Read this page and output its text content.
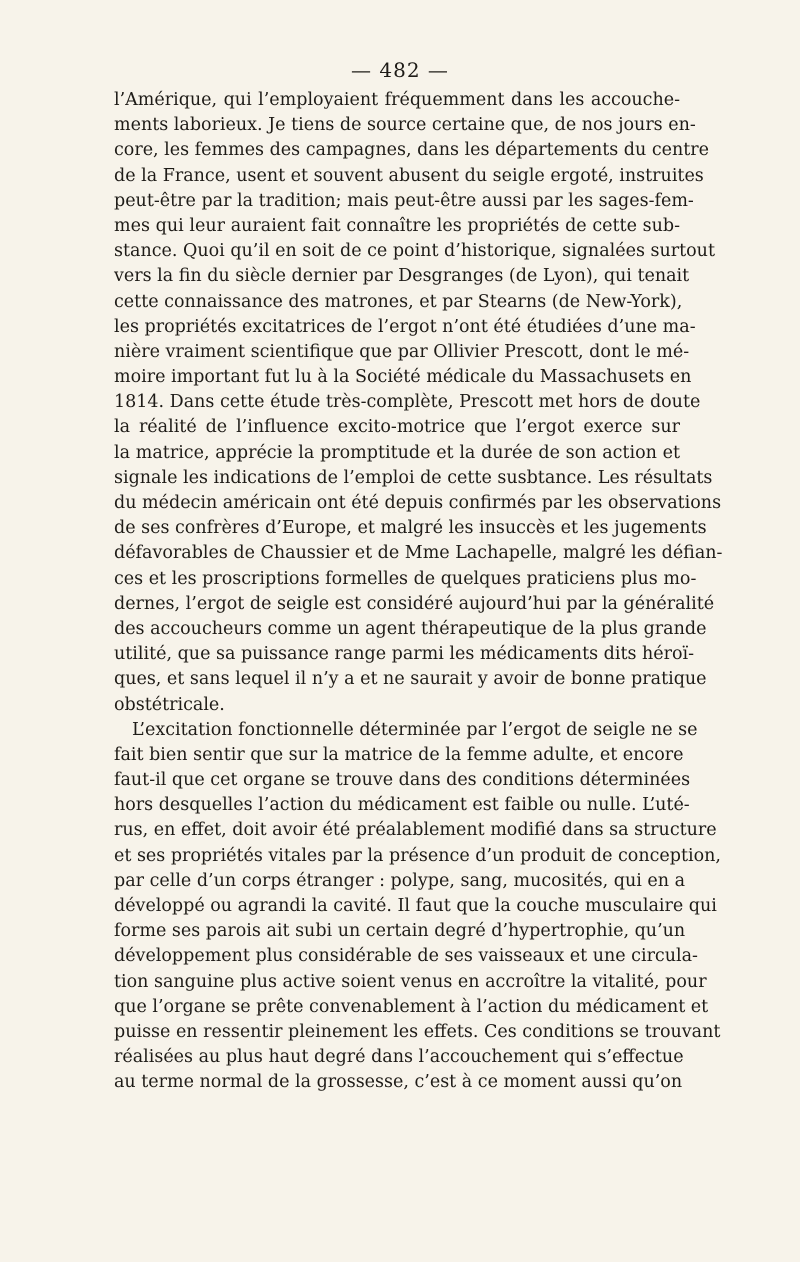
— 482 —
l’Amérique, qui l’employaient fréquemment dans les accouche-
ments laborieux. Je tiens de source certaine que, de nos jours en-
core, les femmes des campagnes, dans les départements du centre
de la France, usent et souvent abusent du seigle ergoté, instruites
peut-être par la tradition; mais peut-être aussi par les sages-fem-
mes qui leur auraient fait connaître les propriétés de cette sub-
stance. Quoi qu’il en soit de ce point d’historique, signalées surtout
vers la fin du siècle dernier par Desgranges (de Lyon), qui tenait
cette connaissance des matrones, et par Stearns (de New-York),
les propriétés excitatrices de l’ergot n’ont été étudiées d’une ma-
nière vraiment scientifique que par Ollivier Prescott, dont le mé-
moire important fut lu à la Société médicale du Massachusets en
1814. Dans cette étude très-complète, Prescott met hors de doute
la réalité de l’influence excito-motrice que l’ergot exerce sur
la matrice, apprécie la promptitude et la durée de son action et
signale les indications de l’emploi de cette susbtance. Les résultats
du médecin américain ont été depuis confirmés par les observations
de ses confrères d’Europe, et malgré les insuccès et les jugements
défavorables de Chaussier et de Mme Lachapelle, malgré les défian-
ces et les proscriptions formelles de quelques praticiens plus mo-
dernes, l’ergot de seigle est considéré aujourd’hui par la généralité
des accoucheurs comme un agent thérapeutique de la plus grande
utilité, que sa puissance range parmi les médicaments dits héroï-
ques, et sans lequel il n’y a et ne saurait y avoir de bonne pratique
obstétricale.
L’excitation fonctionnelle déterminée par l’ergot de seigle ne se
fait bien sentir que sur la matrice de la femme adulte, et encore
faut-il que cet organe se trouve dans des conditions déterminées
hors desquelles l’action du médicament est faible ou nulle. L’uté-
rus, en effet, doit avoir été préalablement modifié dans sa structure
et ses propriétés vitales par la présence d’un produit de conception,
par celle d’un corps étranger : polype, sang, mucosités, qui en a
développé ou agrandi la cavité. Il faut que la couche musculaire qui
forme ses parois ait subi un certain degré d’hypertrophie, qu’un
développement plus considérable de ses vaisseaux et une circula-
tion sanguine plus active soient venus en accroître la vitalité, pour
que l’organe se prête convenablement à l’action du médicament et
puisse en ressentir pleinement les effets. Ces conditions se trouvant
réalisées au plus haut degré dans l’accouchement qui s’effectue
au terme normal de la grossesse, c’est à ce moment aussi qu’on
